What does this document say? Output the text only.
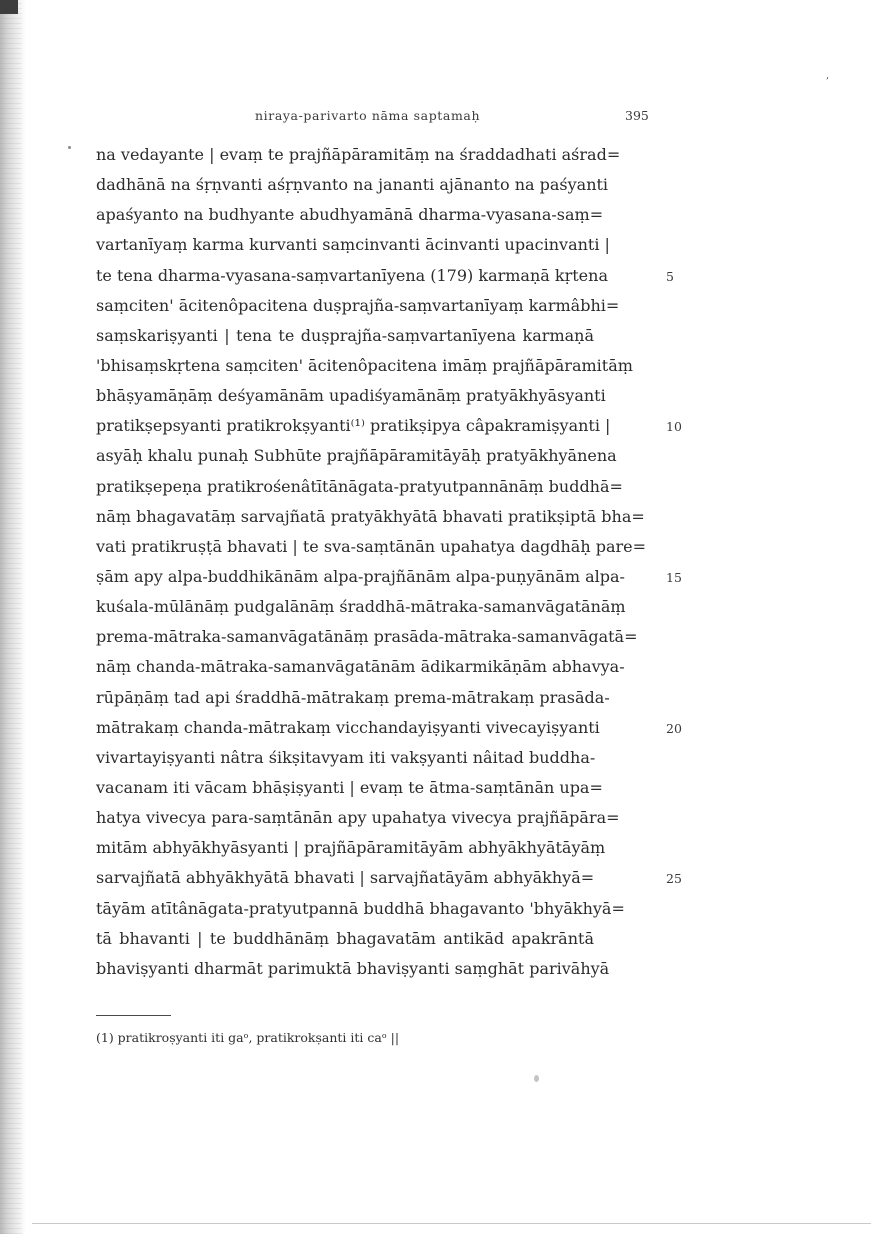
,
niraya-parivarto nāma saptamaḥ	395
na vedayante | evaṃ te prajñāpāramitāṃ na śraddadhati aśrad=
dadhānā na śṛṇvanti aśṛṇvanto na jananti ajānanto na paśyanti
apaśyanto na budhyante abudhyamānā dharma-vyasana-saṃ=
vartanīyaṃ karma kurvanti saṃcinvanti ācinvanti upacinvanti |
te tena dharma-vyasana-saṃvartanīyena (179) karmaṇā kṛtena	5
saṃciten' ācitenôpacitena duṣprajña-saṃvartanīyaṃ karmâbhi=
saṃskariṣyanti | tena te duṣprajña-saṃvartanīyena karmaṇā
'bhisaṃskṛtena saṃciten' ācitenôpacitena imāṃ prajñāpāramitāṃ
bhāṣyamāṇāṃ deśyamānām upadiśyamānāṃ pratyākhyāsyanti
pratikṣepsyanti pratikrokṣyanti⁽¹⁾ pratikṣipya câpakramiṣyanti |	10
asyāḥ khalu punaḥ Subhūte prajñāpāramitāyāḥ pratyākhyānena
pratikṣepeṇa pratikrośenâtītānāgata-pratyutpannānāṃ buddhā=
nāṃ bhagavatāṃ sarvajñatā pratyākhyātā bhavati pratikṣiptā bha=
vati pratikruṣṭā bhavati | te sva-saṃtānān upahatya dagdhāḥ pare=
ṣām apy alpa-buddhikānām alpa-prajñānām alpa-puṇyānām alpa-	15
kuśala-mūlānāṃ pudgalānāṃ śraddhā-mātraka-samanvāgatānāṃ
prema-mātraka-samanvāgatānāṃ prasāda-mātraka-samanvāgatā=
nāṃ chanda-mātraka-samanvāgatānām ādikarmikāṇām abhavya-
rūpāṇāṃ tad api śraddhā-mātrakaṃ prema-mātrakaṃ prasāda-
mātrakaṃ chanda-mātrakaṃ vicchandayiṣyanti vivecayiṣyanti	20
vivartayiṣyanti nâtra śikṣitavyam iti vakṣyanti nâitad buddha-
vacanam iti vācam bhāṣiṣyanti | evaṃ te ātma-saṃtānān upa=
hatya vivecya para-saṃtānān apy upahatya vivecya prajñāpāra=
mitām abhyākhyāsyanti | prajñāpāramitāyām abhyākhyātāyāṃ
sarvajñatā abhyākhyātā bhavati | sarvajñatāyām abhyākhyā=	25
tāyām atītânāgata-pratyutpannā buddhā bhagavanto 'bhyākhyā=
tā bhavanti | te buddhānāṃ bhagavatām antikād apakrāntā
bhaviṣyanti dharmāt parimuktā bhaviṣyanti saṃghāt parivāhyā
(1) pratikroṣyanti iti gaᵒ, pratikrokṣanti iti caᵒ ||
